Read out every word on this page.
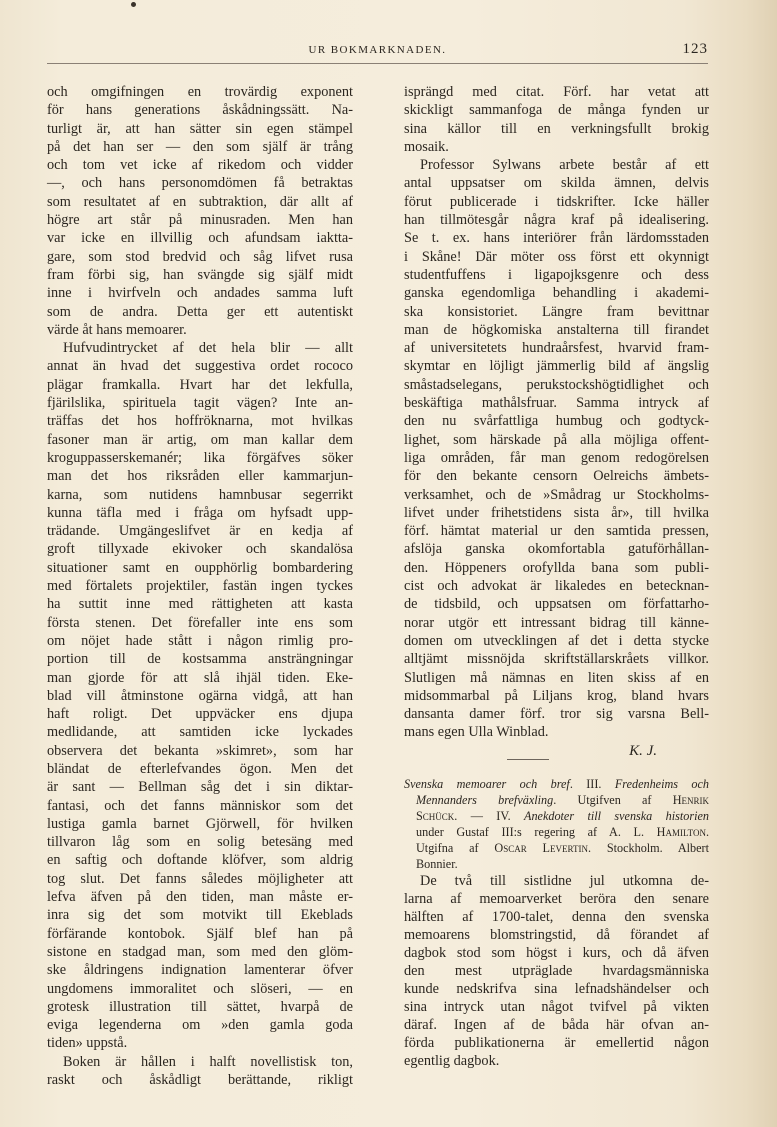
UR BOKMARKNADEN.	123
och omgifningen en trovärdig exponent
för hans generations åskådningssätt. Na-
turligt är, att han sätter sin egen stämpel
på det han ser — den som själf är trång
och tom vet icke af rikedom och vidder
—, och hans personomdömen få betraktas
som resultatet af en subtraktion, där allt af
högre art står på minusraden. Men han
var icke en illvillig och afundsam iaktta-
gare, som stod bredvid och såg lifvet rusa
fram förbi sig, han svängde sig själf midt
inne i hvirfveln och andades samma luft
som de andra. Detta ger ett autentiskt
värde åt hans memoarer.
Hufvudintrycket af det hela blir — allt
annat än hvad det suggestiva ordet rococo
plägar framkalla. Hvart har det lekfulla,
fjärilslika, spirituela tagit vägen? Inte an-
träffas det hos hoffröknarna, mot hvilkas
fasoner man är artig, om man kallar dem
kroguppasserskemanér; lika förgäfves söker
man det hos riksråden eller kammarjun-
karna, som nutidens hamnbusar segerrikt
kunna täfla med i fråga om hyfsadt upp-
trädande. Umgängeslifvet är en kedja af
groft tillyxade ekivoker och skandalösa
situationer samt en oupphörlig bombardering
med förtalets projektiler, fastän ingen tyckes
ha suttit inne med rättigheten att kasta
första stenen. Det förefaller inte ens som
om nöjet hade stått i någon rimlig pro-
portion till de kostsamma ansträngningar
man gjorde för att slå ihjäl tiden. Eke-
blad vill åtminstone ogärna vidgå, att han
haft roligt. Det uppväcker ens djupa
medlidande, att samtiden icke lyckades
observera det bekanta »skimret», som har
bländat de efterlefvandes ögon. Men det
är sant — Bellman såg det i sin diktar-
fantasi, och det fanns människor som det
lustiga gamla barnet Gjörwell, för hvilken
tillvaron låg som en solig betesäng med
en saftig och doftande klöfver, som aldrig
tog slut. Det fanns således möjligheter att
lefva äfven på den tiden, man måste er-
inra sig det som motvikt till Ekeblads
förfärande kontobok. Själf blef han på
sistone en stadgad man, som med den glöm-
ske åldringens indignation lamenterar öfver
ungdomens immoralitet och slöseri, — en
grotesk illustration till sättet, hvarpå de
eviga legenderna om »den gamla goda
tiden» uppstå.
Boken är hållen i halft novellistisk ton,
raskt och åskådligt berättande, rikligt
isprängd med citat. Förf. har vetat att
skickligt sammanfoga de många fynden ur
sina källor till en verkningsfullt brokig
mosaik.
Professor Sylwans arbete består af ett
antal uppsatser om skilda ämnen, delvis
förut publicerade i tidskrifter. Icke häller
han tillmötesgår några kraf på idealisering.
Se t. ex. hans interiörer från lärdomsstaden
i Skåne! Där möter oss först ett okynnigt
studentfuffens i ligapojksgenre och dess
ganska egendomliga behandling i akademi-
ska konsistoriet. Längre fram bevittnar
man de högkomiska anstalterna till firandet
af universitetets hundraårsfest, hvarvid fram-
skymtar en löjligt jämmerlig bild af ängslig
småstadselegans, perukstockshögtidlighet och
beskäftiga mathålsfruar. Samma intryck af
den nu svårfattliga humbug och godtyck-
lighet, som härskade på alla möjliga offent-
liga områden, får man genom redogörelsen
för den bekante censorn Oelreichs ämbets-
verksamhet, och de »Smådrag ur Stockholms-
lifvet under frihetstidens sista år», till hvilka
förf. hämtat material ur den samtida pressen,
afslöja ganska okomfortabla gatuförhållan-
den. Höppeners orofyllda bana som publi-
cist och advokat är likaledes en betecknan-
de tidsbild, och uppsatsen om författarho-
norar utgör ett intressant bidrag till känne-
domen om utvecklingen af det i detta stycke
alltjämt missnöjda skriftställarskråets villkor.
Slutligen må nämnas en liten skiss af en
midsommarbal på Liljans krog, bland hvars
dansanta damer förf. tror sig varsna Bell-
mans egen Ulla Winblad.
K. J.
Svenska memoarer och bref. III. Fredenheims och
Mennanders brefväxling. Utgifven af Henrik
Schück. — IV. Anekdoter till svenska historien
under Gustaf III:s regering af A. L. Hamilton.
Utgifna af Oscar Levertin. Stockholm. Albert
Bonnier.
De två till sistlidne jul utkomna de-
larna af memoarverket beröra den senare
hälften af 1700-talet, denna den svenska
memoarens blomstringstid, då förandet af
dagbok stod som högst i kurs, och då äfven
den mest utpräglade hvardagsmänniska
kunde nedskrifva sina lefnadshändelser och
sina intryck utan något tvifvel på vikten
däraf. Ingen af de båda här ofvan an-
förda publikationerna är emellertid någon
egentlig dagbok.
